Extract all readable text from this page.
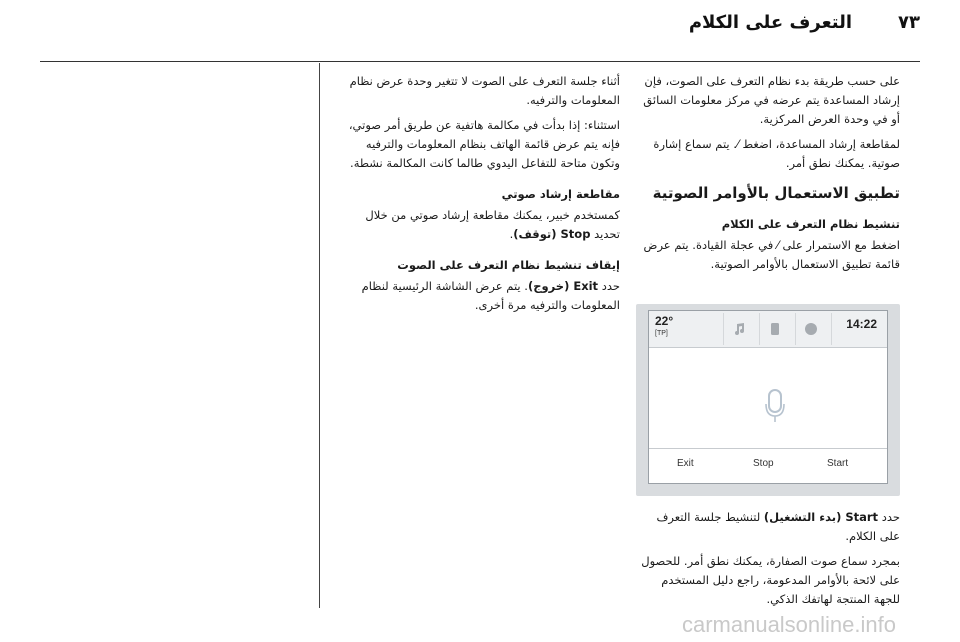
التعرف على الكلام	٧٣

على حسب طريقة بدء نظام التعرف على الصوت، فإن إرشاد المساعدة يتم عرضه في مركز معلومات السائق أو في وحدة العرض المركزية.

لمقاطعة إرشاد المساعدة، اضغط ⁄. يتم سماع إشارة صوتية. يمكنك نطق أمر.

تطبيق الاستعمال بالأوامر الصوتية
تنشيط نظام التعرف على الكلام

اضغط مع الاستمرار على ⁄ في عجلة القيادة. يتم عرض قائمة تطبيق الاستعمال بالأوامر الصوتية.

22°
[TP]
14:22
Exit	Stop	Start

حدد Start (بدء التشغيل) لتنشيط جلسة التعرف على الكلام.

بمجرد سماع صوت الصفارة، يمكنك نطق أمر. للحصول على لائحة بالأوامر المدعومة، راجع دليل المستخدم للجهة المنتجة لهاتفك الذكي.

أثناء جلسة التعرف على الصوت لا تتغير وحدة عرض نظام المعلومات والترفيه.

استثناء: إذا بدأت في مكالمة هاتفية عن طريق أمر صوتي، فإنه يتم عرض قائمة الهاتف بنظام المعلومات والترفيه وتكون متاحة للتفاعل اليدوي طالما كانت المكالمة نشطة.

مقاطعة إرشاد صوتي

كمستخدم خبير، يمكنك مقاطعة إرشاد صوتي من خلال تحديد Stop (توقف).

إيقاف تنشيط نظام التعرف على الصوت

حدد Exit (خروج). يتم عرض الشاشة الرئيسية لنظام المعلومات والترفيه مرة أخرى.

carmanualsonline.info
